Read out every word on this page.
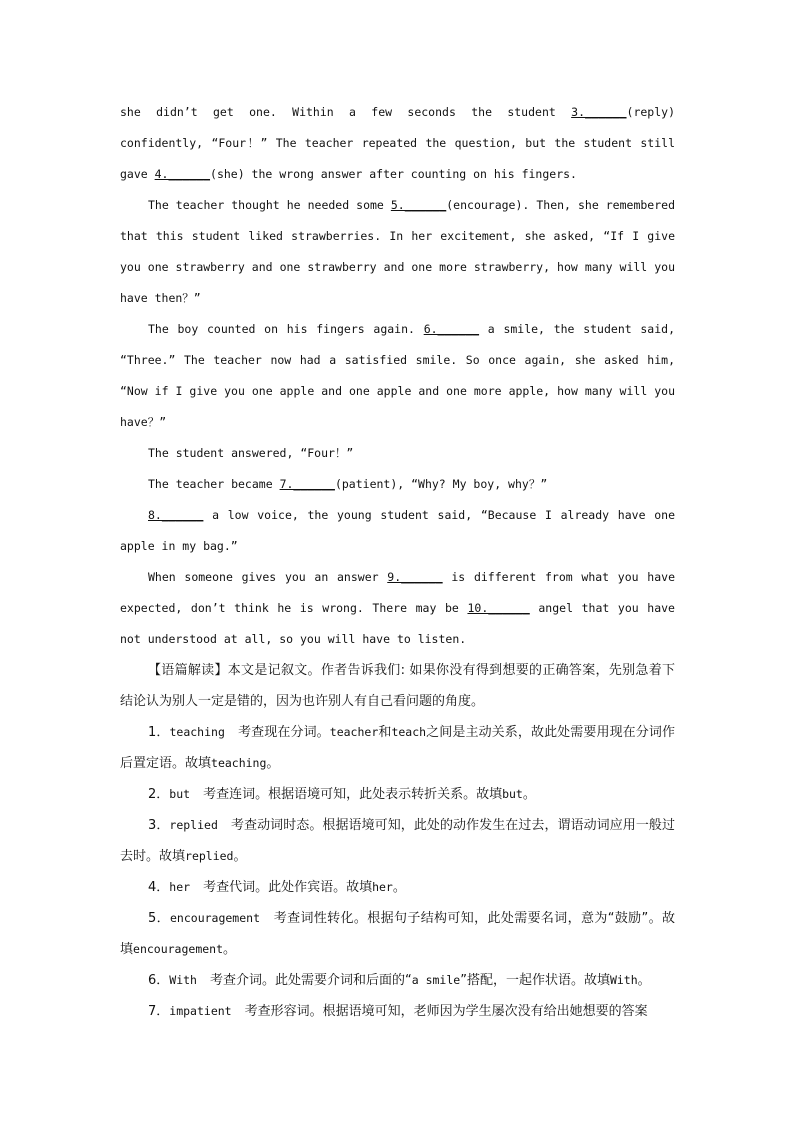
she didn’t get one. Within a few seconds the student 3.______(reply) confidently, “Four！” The teacher repeated the question, but the student still gave 4.______(she) the wrong answer after counting on his fingers.

The teacher thought he needed some 5.______(encourage). Then, she remembered that this student liked strawberries. In her excitement, she asked, “If I give you one strawberry and one strawberry and one more strawberry, how many will you have then？”

The boy counted on his fingers again. 6.______ a smile, the student said, “Three.” The teacher now had a satisfied smile. So once again, she asked him, “Now if I give you one apple and one apple and one more apple, how many will you have？”

The student answered, “Four！”

The teacher became 7.______(patient), “Why? My boy, why？”

8.______ a low voice, the young student said, “Because I already have one apple in my bag.”

When someone gives you an answer 9.______ is different from what you have expected, don’t think he is wrong. There may be 10.______ angel that you have not understood at all, so you will have to listen.

【语篇解读】本文是记叙文。作者告诉我们: 如果你没有得到想要的正确答案，先别急着下结论认为别人一定是错的，因为也许别人有自己看问题的角度。

1．teaching　考查现在分词。teacher和teach之间是主动关系，故此处需要用现在分词作后置定语。故填teaching。

2．but　考查连词。根据语境可知，此处表示转折关系。故填but。

3．replied　考查动词时态。根据语境可知，此处的动作发生在过去，谓语动词应用一般过去时。故填replied。

4．her　考查代词。此处作宾语。故填her。

5．encouragement　考查词性转化。根据句子结构可知，此处需要名词，意为“鼓励”。故填encouragement。

6．With　考查介词。此处需要介词和后面的“a smile”搭配，一起作状语。故填With。

7．impatient　考查形容词。根据语境可知，老师因为学生屡次没有给出她想要的答案
